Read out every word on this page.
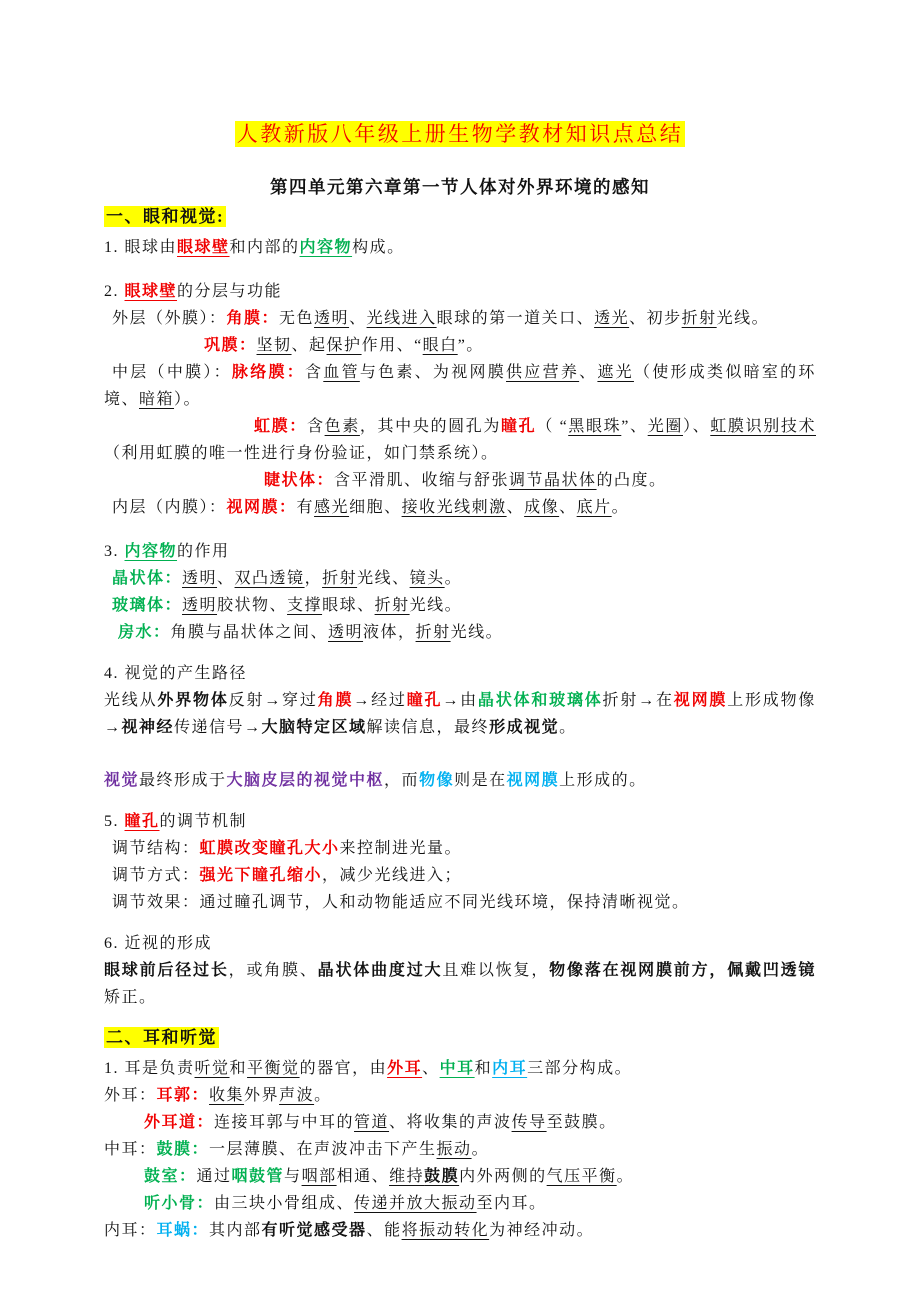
人教新版八年级上册生物学教材知识点总结
第四单元第六章第一节人体对外界环境的感知
一、眼和视觉:
1. 眼球由眼球壁和内部的内容物构成。
2. 眼球壁的分层与功能
外层（外膜）：角膜：无色透明、光线进入眼球的第一道关口、透光、初步折射光线。
巩膜：坚韧、起保护作用、“眼白”。
中层（中膜）：脉络膜：含血管与色素、为视网膜供应营养、遮光（使形成类似暗室的环境、暗箱）。
虹膜：含色素，其中央的圆孔为瞳孔（ “黑眼珠”、光圈）、虹膜识别技术（利用虹膜的唯一性进行身份验证，如门禁系统）。
睫状体：含平滑肌、收缩与舒张调节晶状体的凸度。
内层（内膜）：视网膜：有感光细胞、接收光线刺激、成像、底片。
3. 内容物的作用
晶状体：透明、双凸透镜，折射光线、镜头。
玻璃体：透明胶状物、支撑眼球、折射光线。
房水：角膜与晶状体之间、透明液体，折射光线。
4. 视觉的产生路径
光线从外界物体反射→穿过角膜→经过瞳孔→由晶状体和玻璃体折射→在视网膜上形成物像→视神经传递信号→大脑特定区域解读信息，最终形成视觉。
视觉最终形成于大脑皮层的视觉中枢，而物像则是在视网膜上形成的。
5. 瞳孔的调节机制
调节结构：虹膜改变瞳孔大小来控制进光量。
调节方式：强光下瞳孔缩小，减少光线进入；
调节效果：通过瞳孔调节，人和动物能适应不同光线环境，保持清晰视觉。
6. 近视的形成
眼球前后径过长，或角膜、晶状体曲度过大且难以恢复，物像落在视网膜前方，佩戴凹透镜矫正。
二、耳和听觉
1. 耳是负责听觉和平衡觉的器官，由外耳、中耳和内耳三部分构成。
外耳：耳郭：收集外界声波。
外耳道：连接耳郭与中耳的管道、将收集的声波传导至鼓膜。
中耳：鼓膜：一层薄膜、在声波冲击下产生振动。
鼓室：通过咽鼓管与咽部相通、维持鼓膜内外两侧的气压平衡。
听小骨：由三块小骨组成、传递并放大振动至内耳。
内耳：耳蜗：其内部有听觉感受器、能将振动转化为神经冲动。
